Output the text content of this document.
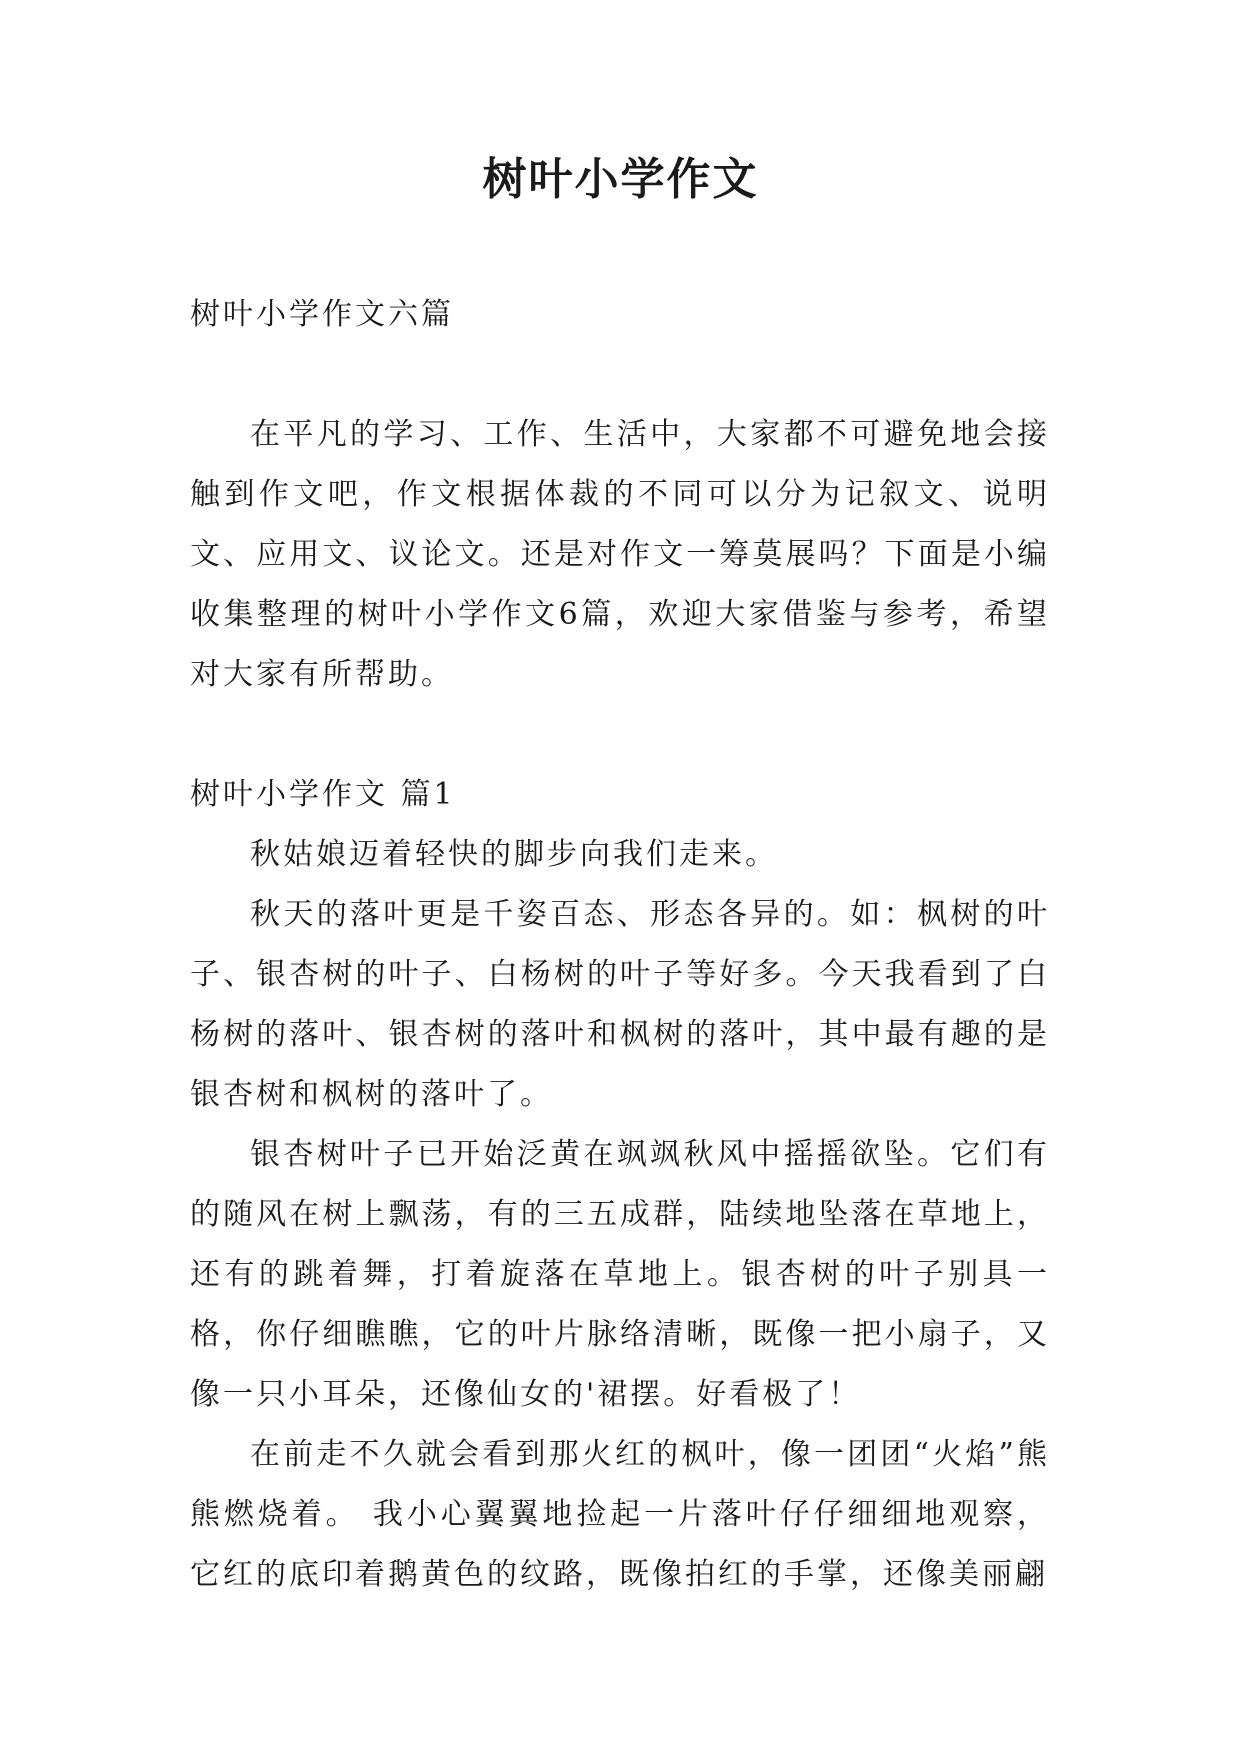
树叶小学作文

树叶小学作文六篇

在平凡的学习、工作、生活中，大家都不可避免地会接触到作文吧，作文根据体裁的不同可以分为记叙文、说明文、应用文、议论文。还是对作文一筹莫展吗？下面是小编收集整理的树叶小学作文6篇，欢迎大家借鉴与参考，希望对大家有所帮助。

树叶小学作文 篇1

秋姑娘迈着轻快的脚步向我们走来。

秋天的落叶更是千姿百态、形态各异的。如：枫树的叶子、银杏树的叶子、白杨树的叶子等好多。今天我看到了白杨树的落叶、银杏树的落叶和枫树的落叶，其中最有趣的是银杏树和枫树的落叶了。

银杏树叶子已开始泛黄在飒飒秋风中摇摇欲坠。它们有的随风在树上飘荡，有的三五成群，陆续地坠落在草地上，还有的跳着舞，打着旋落在草地上。银杏树的叶子别具一格，你仔细瞧瞧，它的叶片脉络清晰，既像一把小扇子，又像一只小耳朵，还像仙女的'裙摆。好看极了！

在前走不久就会看到那火红的枫叶，像一团团“火焰”熊熊燃烧着。 我小心翼翼地捡起一片落叶仔仔细细地观察，它红的底印着鹅黄色的纹路，既像拍红的手掌，还像美丽翩
